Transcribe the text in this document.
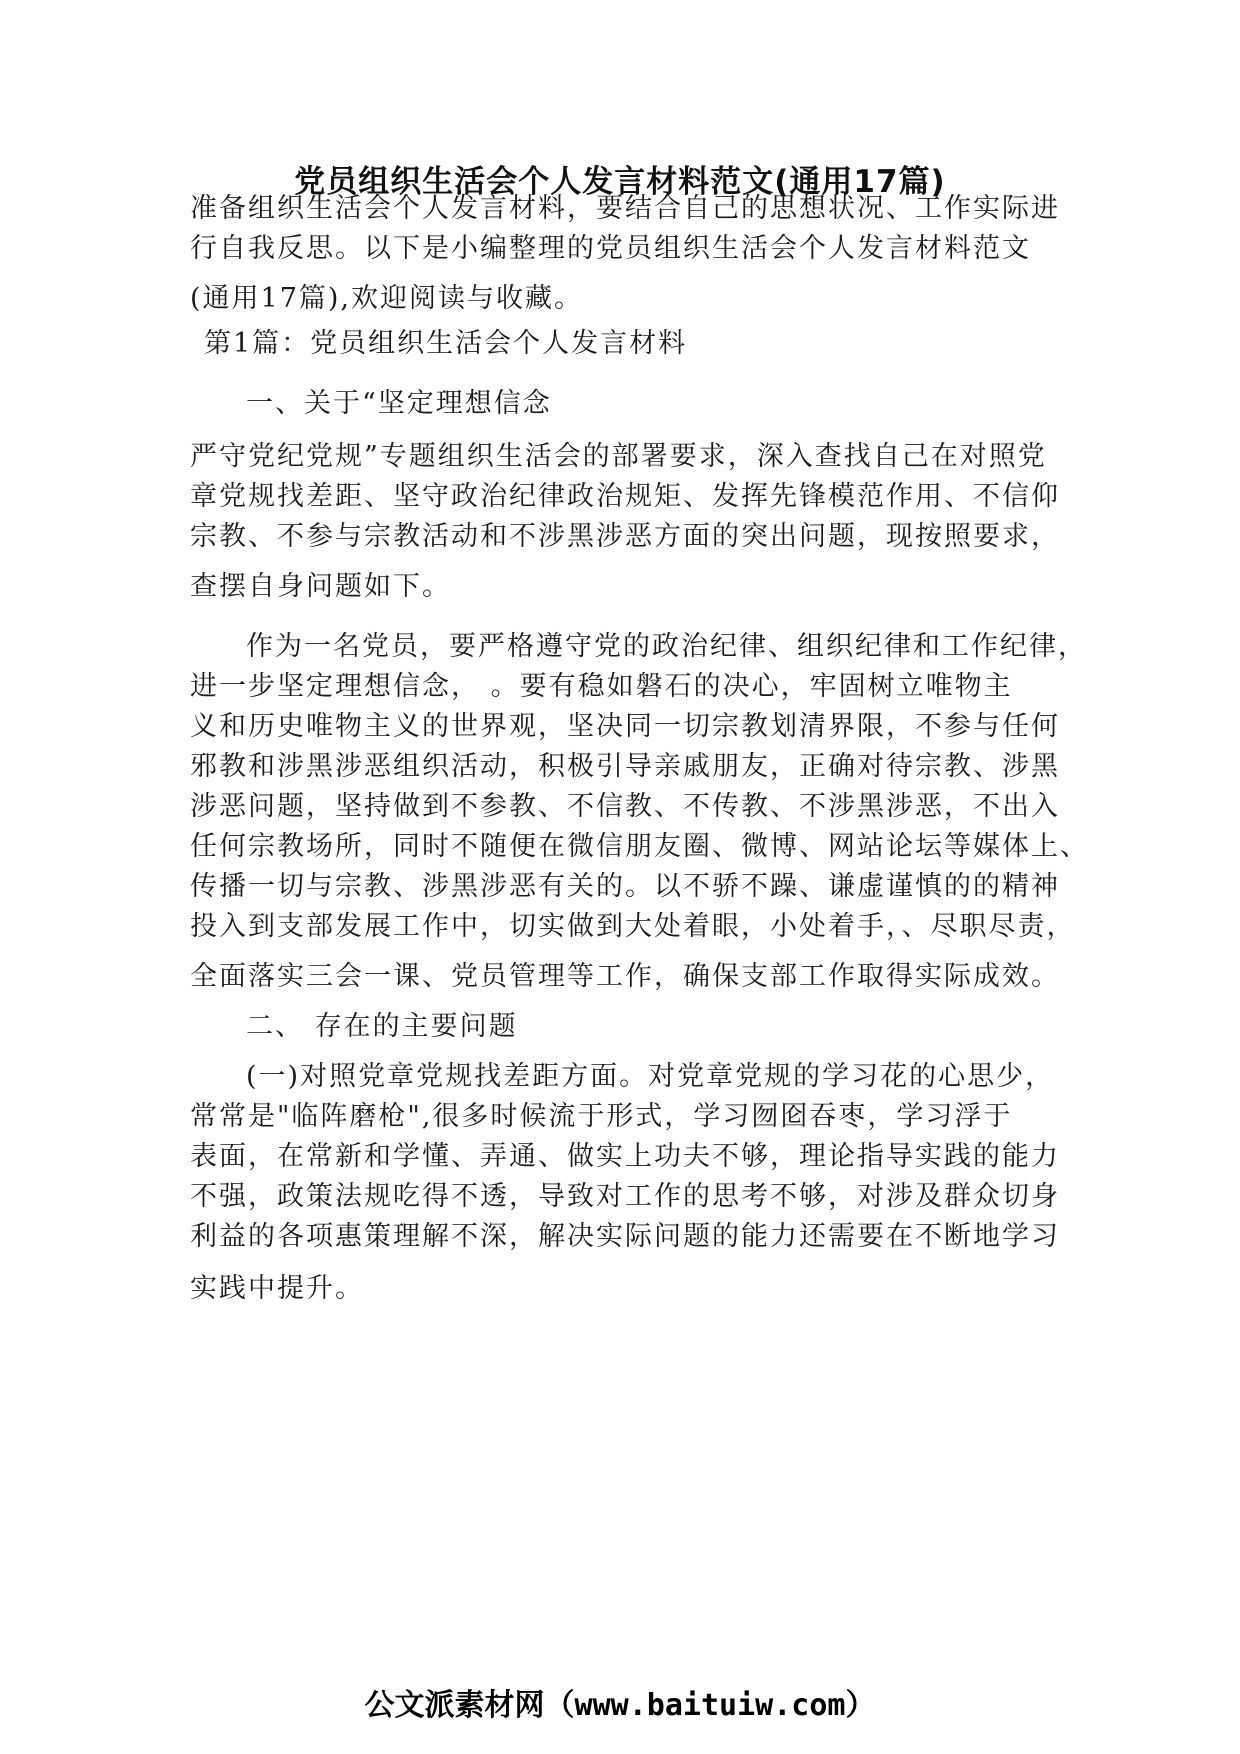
党员组织生活会个人发言材料范文(通用17篇)
准备组织生活会个人发言材料，要结合自己的思想状况、工作实际进
行自我反思。以下是小编整理的党员组织生活会个人发言材料范文
(通用17篇),欢迎阅读与收藏。
第1篇：党员组织生活会个人发言材料
一、关于“坚定理想信念
严守党纪党规”专题组织生活会的部署要求，深入查找自己在对照党
章党规找差距、坚守政治纪律政治规矩、发挥先锋模范作用、不信仰
宗教、不参与宗教活动和不涉黑涉恶方面的突出问题，现按照要求，
查摆自身问题如下。
作为一名党员，要严格遵守党的政治纪律、组织纪律和工作纪律，
进一步坚定理想信念， 。要有稳如磐石的决心，牢固树立唯物主
义和历史唯物主义的世界观，坚决同一切宗教划清界限，不参与任何
邪教和涉黑涉恶组织活动，积极引导亲戚朋友，正确对待宗教、涉黑
涉恶问题，坚持做到不参教、不信教、不传教、不涉黑涉恶，不出入
任何宗教场所，同时不随便在微信朋友圈、微博、网站论坛等媒体上、
传播一切与宗教、涉黑涉恶有关的。以不骄不躁、谦虚谨慎的的精神
投入到支部发展工作中，切实做到大处着眼，小处着手，、尽职尽责，
全面落实三会一课、党员管理等工作，确保支部工作取得实际成效。
二、 存在的主要问题
(一)对照党章党规找差距方面。对党章党规的学习花的心思少，
常常是"临阵磨枪",很多时候流于形式，学习囫囵吞枣，学习浮于
表面，在常新和学懂、弄通、做实上功夫不够，理论指导实践的能力
不强，政策法规吃得不透，导致对工作的思考不够，对涉及群众切身
利益的各项惠策理解不深，解决实际问题的能力还需要在不断地学习
实践中提升。
公文派素材网（www.baituiw.com）
